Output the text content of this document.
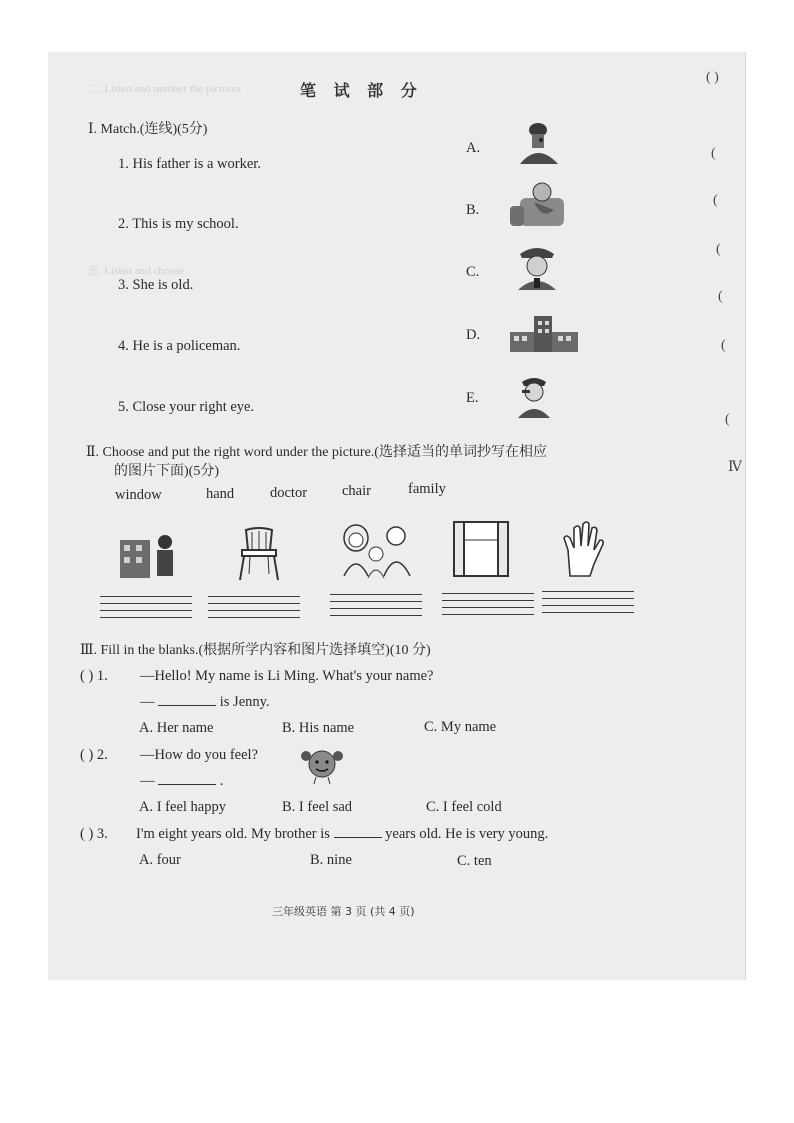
二. Listen and number the pictures
五. Listen and choose
笔 试 部 分
Ⅰ. Match.(连线)(5分)
1. His father is a worker.
2. This is my school.
3. She is old.
4. He is a policeman.
5. Close your right eye.
A.
B.
C.
D.
E.
Ⅱ. Choose and put the right word under the picture.(选择适当的单词抄写在相应
的图片下面)(5分)
window	hand doctor chair	family
Ⅲ. Fill in the blanks.(根据所学内容和图片选择填空)(10 分)
( ) 1. —Hello! My name is Li Ming. What's your name?
—	is Jenny.
A. Her name	B. His name	C. My name
( ) 2. —How do you feel?
—	.
A. I feel happy	B. I feel sad	C. I feel cold
( ) 3. I'm eight years old. My brother is	years old. He is very young.
A. four	B. nine	C. ten
( )
(
(
(
(
(
(
Ⅳ
三年级英语 第 3 页 (共 4 页)
